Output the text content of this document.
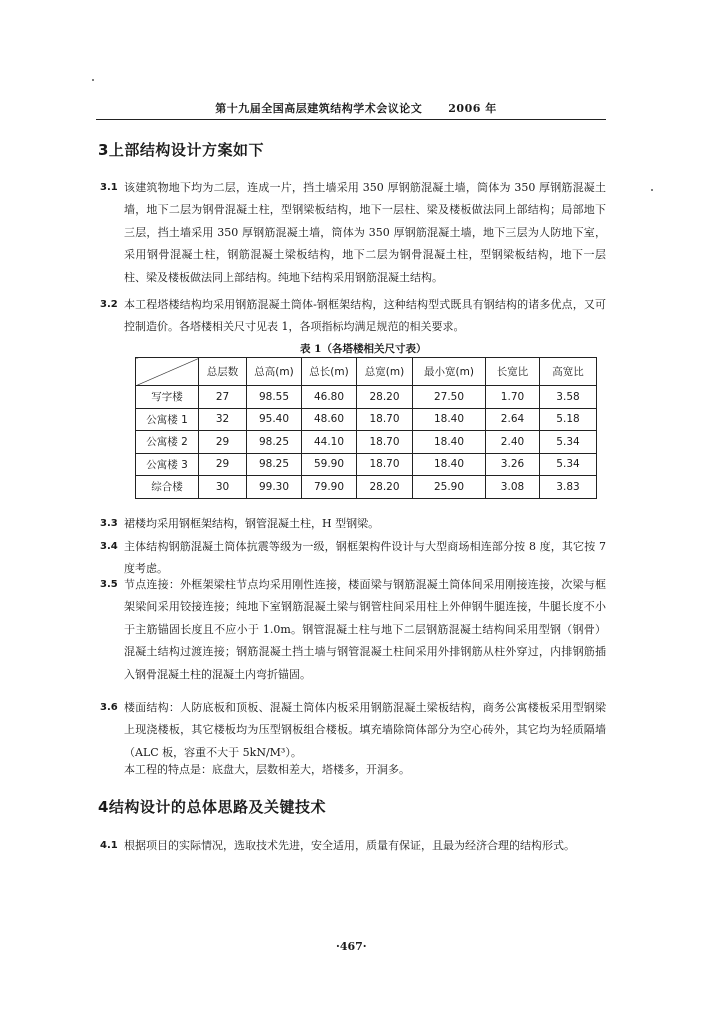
第十九届全国高层建筑结构学术会议论文 2006 年
3上部结构设计方案如下
3.1 该建筑物地下均为二层，连成一片，挡土墙采用 350 厚钢筋混凝土墙，筒体为 350 厚钢筋混凝土墙，地下二层为钢骨混凝土柱，型钢梁板结构，地下一层柱、梁及楼板做法同上部结构；局部地下三层，挡土墙采用 350 厚钢筋混凝土墙，筒体为 350 厚钢筋混凝土墙，地下三层为人防地下室，采用钢骨混凝土柱，钢筋混凝土梁板结构，地下二层为钢骨混凝土柱，型钢梁板结构，地下一层柱、梁及楼板做法同上部结构。纯地下结构采用钢筋混凝土结构。
3.2 本工程塔楼结构均采用钢筋混凝土筒体-钢框架结构，这种结构型式既具有钢结构的诸多优点，又可控制造价。各塔楼相关尺寸见表 1，各项指标均满足规范的相关要求。
表 1（各塔楼相关尺寸表）
	总层数	总高(m)	总长(m)	总宽(m)	最小宽(m)	长宽比	高宽比
写字楼	27	98.55	46.80	28.20	27.50	1.70	3.58
公寓楼 1	32	95.40	48.60	18.70	18.40	2.64	5.18
公寓楼 2	29	98.25	44.10	18.70	18.40	2.40	5.34
公寓楼 3	29	98.25	59.90	18.70	18.40	3.26	5.34
综合楼	30	99.30	79.90	28.20	25.90	3.08	3.83
3.3 裙楼均采用钢框架结构，钢管混凝土柱，H 型钢梁。
3.4 主体结构钢筋混凝土筒体抗震等级为一级，钢框架构件设计与大型商场相连部分按 8 度，其它按 7 度考虑。
3.5 节点连接：外框架梁柱节点均采用刚性连接，楼面梁与钢筋混凝土筒体间采用刚接连接，次梁与框架梁间采用铰接连接；纯地下室钢筋混凝土梁与钢管柱间采用柱上外伸钢牛腿连接，牛腿长度不小于主筋锚固长度且不应小于 1.0m。钢管混凝土柱与地下二层钢筋混凝土结构间采用型钢（钢骨）混凝土结构过渡连接；钢筋混凝土挡土墙与钢管混凝土柱间采用外排钢筋从柱外穿过，内排钢筋插入钢骨混凝土柱的混凝土内弯折锚固。
3.6 楼面结构：人防底板和顶板、混凝土筒体内板采用钢筋混凝土梁板结构，商务公寓楼板采用型钢梁上现浇楼板，其它楼板均为压型钢板组合楼板。填充墙除筒体部分为空心砖外，其它均为轻质隔墙（ALC 板，容重不大于 5kN/M³）。
本工程的特点是：底盘大，层数相差大，塔楼多，开洞多。
4结构设计的总体思路及关键技术
4.1 根据项目的实际情况，选取技术先进，安全适用，质量有保证，且最为经济合理的结构形式。
·467·
